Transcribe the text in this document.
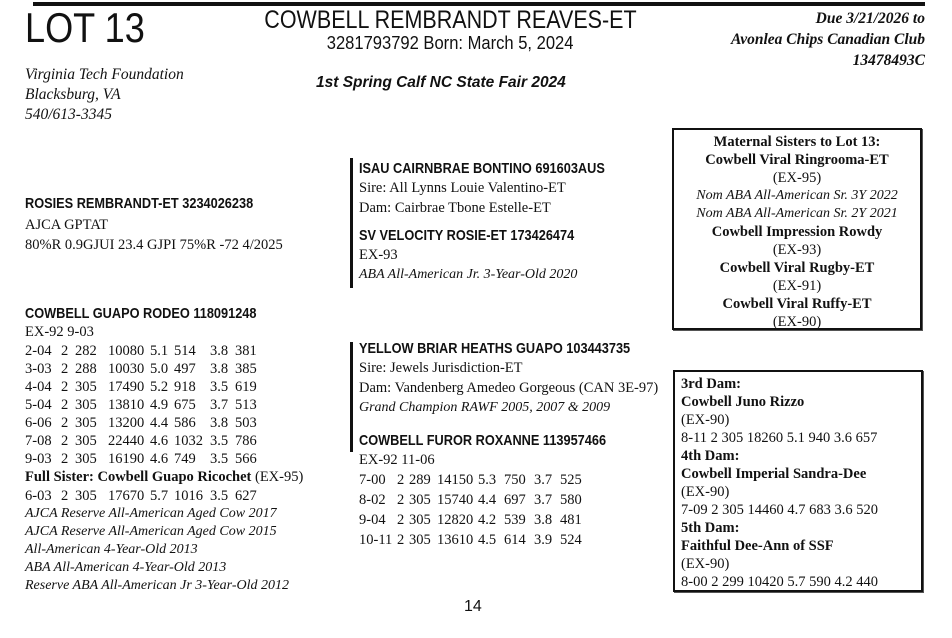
LOT 13	COWBELL REMBRANDT REAVES-ET
3281793792 Born: March 5, 2024
Due 3/21/2026 to
Avonlea Chips Canadian Club
13478493C
Virginia Tech Foundation
Blacksburg, VA
540/613-3345
1st Spring Calf NC State Fair 2024
ROSIES REMBRANDT-ET 3234026238
AJCA GPTAT
80%R 0.9GJUI 23.4 GJPI 75%R -72 4/2025
COWBELL GUAPO RODEO 118091248
EX-92 9-03
2-04 2 282 10080 5.1 514 3.8 381
3-03 2 288 10030 5.0 497 3.8 385
4-04 2 305 17490 5.2 918 3.5 619
5-04 2 305 13810 4.9 675 3.7 513
6-06 2 305 13200 4.4 586 3.8 503
7-08 2 305 22440 4.6 1032 3.5 786
9-03 2 305 16190 4.6 749 3.5 566
Full Sister: Cowbell Guapo Ricochet (EX-95)
6-03 2 305 17670 5.7 1016 3.5 627
AJCA Reserve All-American Aged Cow 2017
AJCA Reserve All-American Aged Cow 2015
All-American 4-Year-Old 2013
ABA All-American 4-Year-Old 2013
Reserve ABA All-American Jr 3-Year-Old 2012
ISAU CAIRNBRAE BONTINO 691603AUS
Sire: All Lynns Louie Valentino-ET
Dam: Cairbrae Tbone Estelle-ET
SV VELOCITY ROSIE-ET 173426474
EX-93
ABA All-American Jr. 3-Year-Old 2020
YELLOW BRIAR HEATHS GUAPO 103443735
Sire: Jewels Jurisdiction-ET
Dam: Vandenberg Amedeo Gorgeous (CAN 3E-97)
Grand Champion RAWF 2005, 2007 & 2009
COWBELL FUROR ROXANNE 113957466
EX-92 11-06
7-00 2 289 14150 5.3 750 3.7 525
8-02 2 305 15740 4.4 697 3.7 580
9-04 2 305 12820 4.2 539 3.8 481
10-11 2 305 13610 4.5 614 3.9 524
Maternal Sisters to Lot 13:
Cowbell Viral Ringrooma-ET
(EX-95)
Nom ABA All-American Sr. 3Y 2022
Nom ABA All-American Sr. 2Y 2021
Cowbell Impression Rowdy
(EX-93)
Cowbell Viral Rugby-ET
(EX-91)
Cowbell Viral Ruffy-ET
(EX-90)
3rd Dam:
Cowbell Juno Rizzo
(EX-90)
8-11 2 305 18260 5.1 940 3.6 657
4th Dam:
Cowbell Imperial Sandra-Dee
(EX-90)
7-09 2 305 14460 4.7 683 3.6 520
5th Dam:
Faithful Dee-Ann of SSF
(EX-90)
8-00 2 299 10420 5.7 590 4.2 440
14
